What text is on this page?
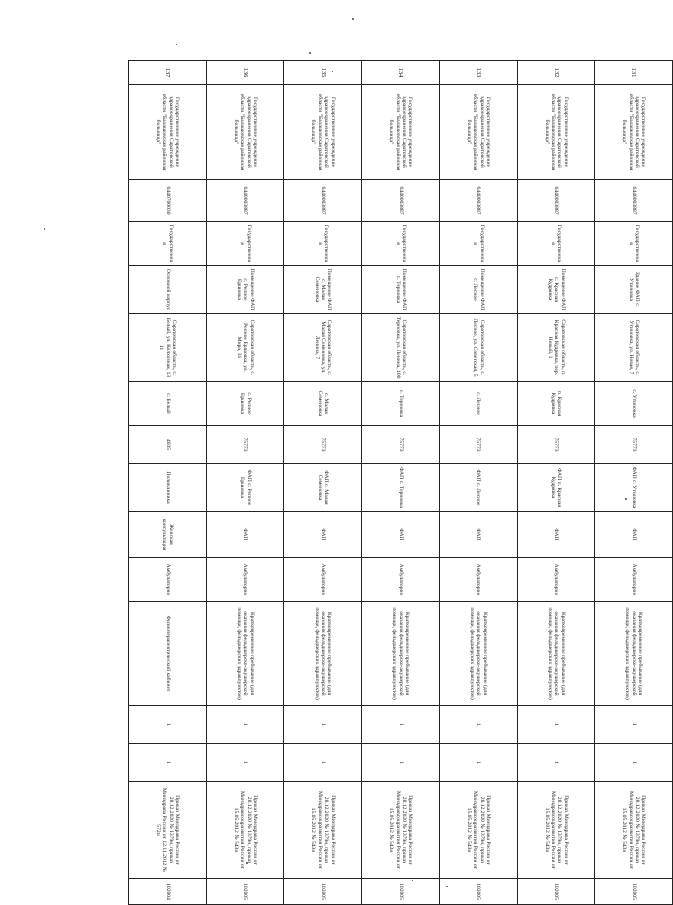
131	Государственное учреждение здравоохранения Саратовской области "Балашовская районная больница"	6440003887	Государственная	Здание ФАП с. Утиновка	Саратовская область, с. Утиновка, ул. Новая, 7	с. Утиновка	75773	ФАП с. Утиновка	ФАП	Амбулаторно	Кратковременное пребывание (для оказания фельдшерско-акушерской помощи, фельдшерских здравпунктов)	1	1	Приказ Минздрава России от 28.12.2020 № 1379н, приказ Минздравсоцразвития России от 15.05.2012 № 543н	102005
132	Государственное учреждение здравоохранения Саратовской области "Балашовская районная больница"	6440003887	Государственная	Помещение ФАП с. Красная Кудрявка	Саратовская область, п. Красная Кудрявка, пер. Новый, 1	п. Красная Кудрявка	75773	ФАП п. Красная Кудрявка	ФАП	Амбулаторно	Кратковременное пребывание (для оказания фельдшерско-акушерской помощи, фельдшерских здравпунктов)	1	1	Приказ Минздрава России от 28.12.2020 № 1379н, приказ Минздравсоцразвития России от 15.05.2012 № 543н	102005
133	Государственное учреждение здравоохранения Саратовской области "Балашовская районная больница"	6440003887	Государственная	Помещение ФАП с. Лесное	Саратовская область, с. Лесное, ул. Советская, 5	с. Лесное	75773	ФАП с. Лесное	ФАП	Амбулаторно	Кратковременное пребывание (для оказания фельдшерско-акушерской помощи, фельдшерских здравпунктов)	1	1	Приказ Минздрава России от 28.12.2020 № 1379н, приказ Минздравсоцразвития России от 15.05.2012 № 543н	102005
134	Государственное учреждение здравоохранения Саратовской области "Балашовская районная больница"	6440003887	Государственная	Помещение ФАП с. Терновка	Саратовская область, с. Терновка, ул. Ленина, 100	с. Терновка	75773	ФАП с. Терновка	ФАП	Амбулаторно	Кратковременное пребывание (для оказания фельдшерско-акушерской помощи, фельдшерских здравпунктов)	1	1	Приказ Минздрава России от 28.12.2020 № 1379н, приказ Минздравсоцразвития России от 15.05.2012 № 543н	102005
135	Государственное учреждение здравоохранения Саратовской области "Балашовская районная больница"	6440003887	Государственная	Помещение ФАП с. Малая Семеновка	Саратовская область, с. Малая Семеновка, ул. Ленина, 7	с. Малая Семеновка	75773	ФАП с. Малая Семеновка	ФАП	Амбулаторно	Кратковременное пребывание (для оказания фельдшерско-акушерской помощи, фельдшерских здравпунктов)	1	1	Приказ Минздрава России от 28.12.2020 № 1379н, приказ Минздравсоцразвития России от 15.05.2012 № 543н	102005
136	Государственное учреждение здравоохранения Саратовской области "Балашовская районная больница"	6440003887	Государственная	Помещение ФАП с. Репное Ершовка	Саратовская область, с. Репное Ершовка, ул. Мира, 31	с. Репное Ершовка	75773	ФАП с. Репное Ершовка	ФАП	Амбулаторно	Кратковременное пребывание (для оказания фельдшерско-акушерской помощи, фельдшерских здравпунктов)	1	1	Приказ Минздрава России от 28.12.2020 № 1379н, приказ Минздравсоцразвития России от 15.05.2012 № 543н	102005
137	Государственное учреждение здравоохранения Саратовской области "Балашовская районная больница"	6440700030	Государственная	Основной корпус	Саратовская область, с. Белый, ул. Колхозная, 13 11	с. Белый	4035	Поликлиника	Женская консультация	Амбулаторно	Физиотерапевтический кабинет	1	1	Приказ Минздрава России от 28.12.2020 № 1379н, приказ Минздрава России от 12.11.2012 № 572н	102004
